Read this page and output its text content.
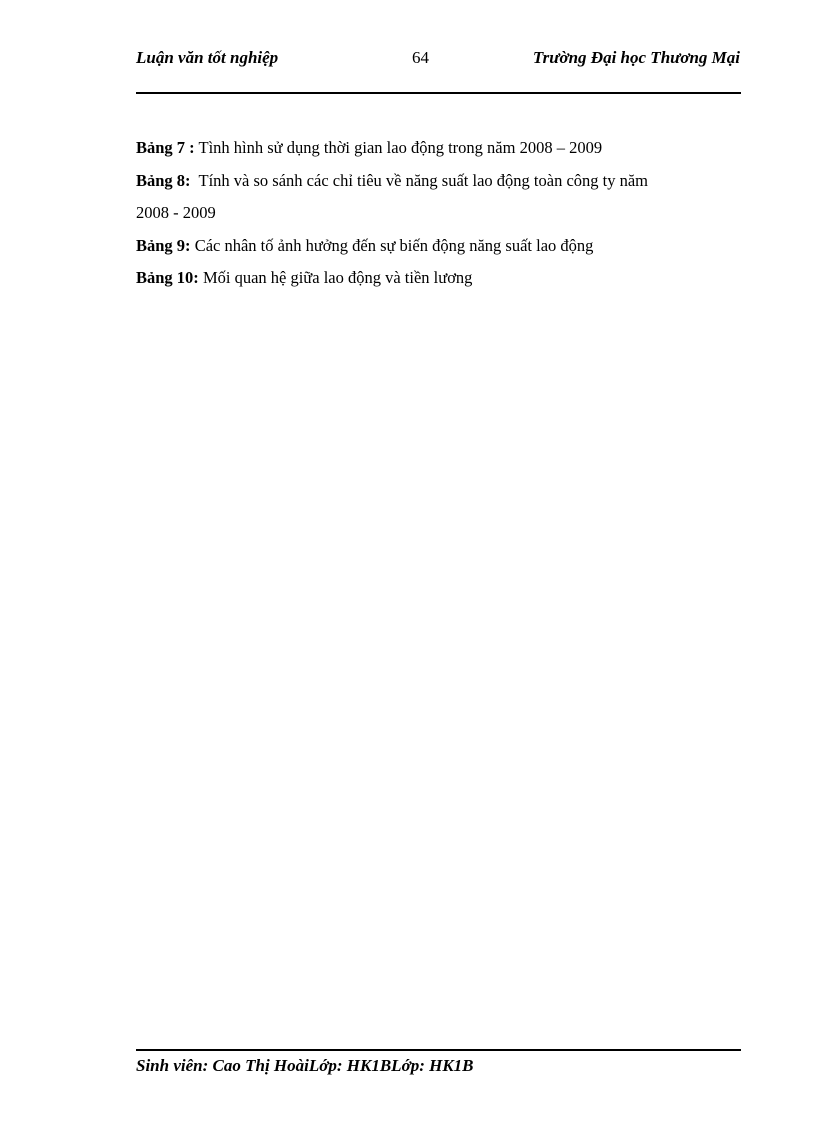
Luận văn tốt nghiệp	64	Trường Đại học Thương Mại
Bảng 7 : Tình hình sử dụng thời gian lao động trong năm 2008 – 2009
Bảng 8: Tính và so sánh các chỉ tiêu về năng suất lao động toàn công ty năm
2008 - 2009
Bảng 9: Các nhân tố ảnh hưởng đến sự biến động năng suất lao động
Bảng 10: Mối quan hệ giữa lao động và tiền lương
Sinh viên: Cao Thị HoàiLớp: HK1BLớp: HK1B
